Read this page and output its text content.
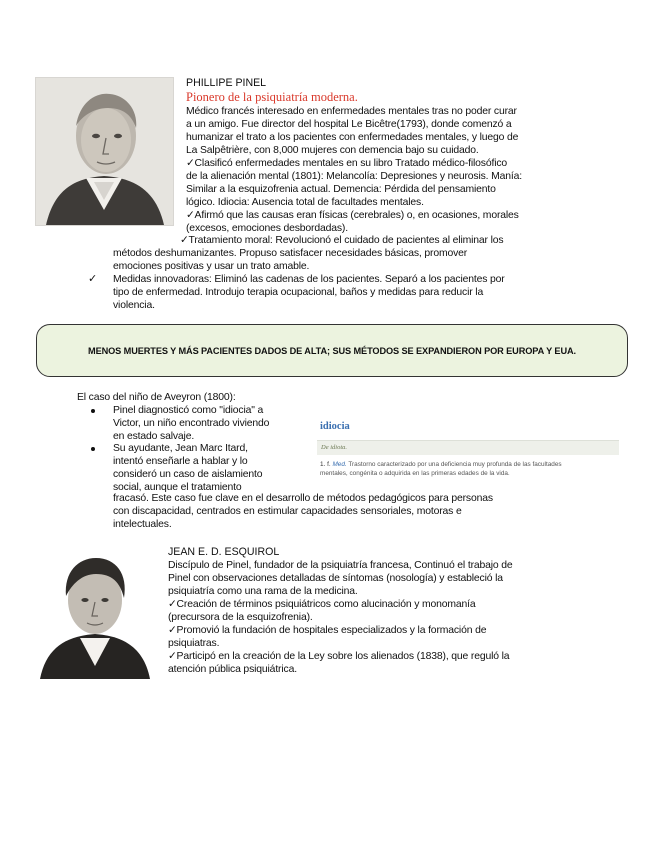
PHILLIPE PINEL
Pionero de la psiquiatría moderna.
Médico francés interesado en enfermedades mentales tras no poder curar
a un amigo. Fue director del hospital Le Bicêtre(1793), donde comenzó a
humanizar el trato a los pacientes con enfermedades mentales, y luego de
La Salpêtrière, con 8,000 mujeres con demencia bajo su cuidado.
✓Clasificó enfermedades mentales en su libro Tratado médico-filosófico
de la alienación mental (1801): Melancolía: Depresiones y neurosis. Manía:
Similar a la esquizofrenia actual. Demencia: Pérdida del pensamiento
lógico. Idiocia: Ausencia total de facultades mentales.
✓Afirmó que las causas eran físicas (cerebrales) o, en ocasiones, morales
(excesos, emociones desbordadas).
✓Tratamiento moral: Revolucionó el cuidado de pacientes al eliminar los
métodos deshumanizantes. Propuso satisfacer necesidades básicas, promover
emociones positivas y usar un trato amable.
✓ Medidas innovadoras: Eliminó las cadenas de los pacientes. Separó a los pacientes por
tipo de enfermedad. Introdujo terapia ocupacional, baños y medidas para reducir la
violencia.
MENOS MUERTES Y MÁS PACIENTES DADOS DE ALTA; SUS MÉTODOS SE EXPANDIERON POR EUROPA Y EUA.
El caso del niño de Aveyron (1800):
Pinel diagnosticó como "idiocia" a
Victor, un niño encontrado viviendo
en estado salvaje.
Su ayudante, Jean Marc Itard,
intentó enseñarle a hablar y lo
consideró un caso de aislamiento
social, aunque el tratamiento
fracasó. Este caso fue clave en el desarrollo de métodos pedagógicos para personas
con discapacidad, centrados en estimular capacidades sensoriales, motoras e
intelectuales.
idiocia
De idiota.
1. f. Med. Trastorno caracterizado por una deficiencia muy profunda de las facultades
mentales, congénita o adquirida en las primeras edades de la vida.
JEAN E. D. ESQUIROL
Discípulo de Pinel, fundador de la psiquiatría francesa, Continuó el trabajo de
Pinel con observaciones detalladas de síntomas (nosología) y estableció la
psiquiatría como una rama de la medicina.
✓Creación de términos psiquiátricos como alucinación y monomanía
(precursora de la esquizofrenia).
✓Promovió la fundación de hospitales especializados y la formación de
psiquiatras.
✓Participó en la creación de la Ley sobre los alienados (1838), que reguló la
atención pública psiquiátrica.
